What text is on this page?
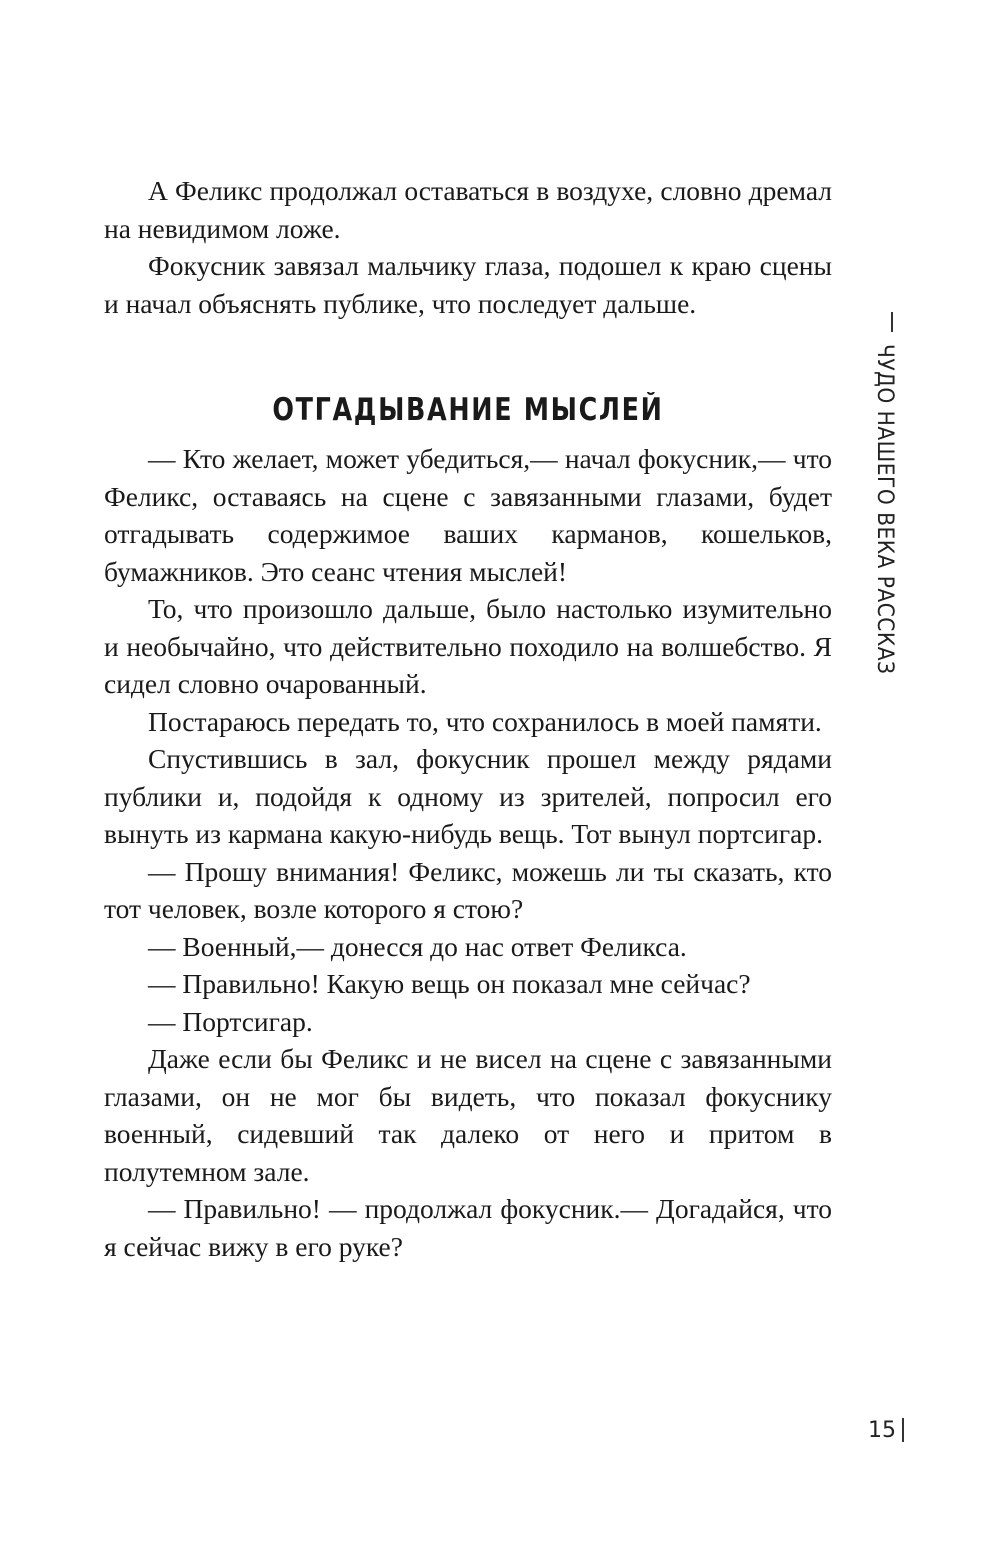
А Феликс продолжал оставаться в воздухе, словно дремал на невидимом ложе.

Фокусник завязал мальчику глаза, подошел к краю сцены и начал объяснять публике, что последует дальше.

ОТГАДЫВАНИЕ МЫСЛЕЙ

— Кто желает, может убедиться,— начал фокусник,— что Феликс, оставаясь на сцене с завязанными глазами, будет отгадывать содержимое ваших карманов, кошельков, бумажников. Это сеанс чтения мыслей!

То, что произошло дальше, было настолько изумительно и необычайно, что действительно походило на волшебство. Я сидел словно очарованный.

Постараюсь передать то, что сохранилось в моей памяти.

Спустившись в зал, фокусник прошел между рядами публики и, подойдя к одному из зрителей, попросил его вынуть из кармана какую-нибудь вещь. Тот вынул портсигар.

— Прошу внимания! Феликс, можешь ли ты сказать, кто тот человек, возле которого я стою?

— Военный,— донесся до нас ответ Феликса.

— Правильно! Какую вещь он показал мне сейчас?

— Портсигар.

Даже если бы Феликс и не висел на сцене с завязанными глазами, он не мог бы видеть, что показал фокуснику военный, сидевший так далеко от него и притом в полутемном зале.

— Правильно! — продолжал фокусник.— Догадайся, что я сейчас вижу в его руке?

ЧУДО НАШЕГО ВЕКА РАССКАЗ
15
